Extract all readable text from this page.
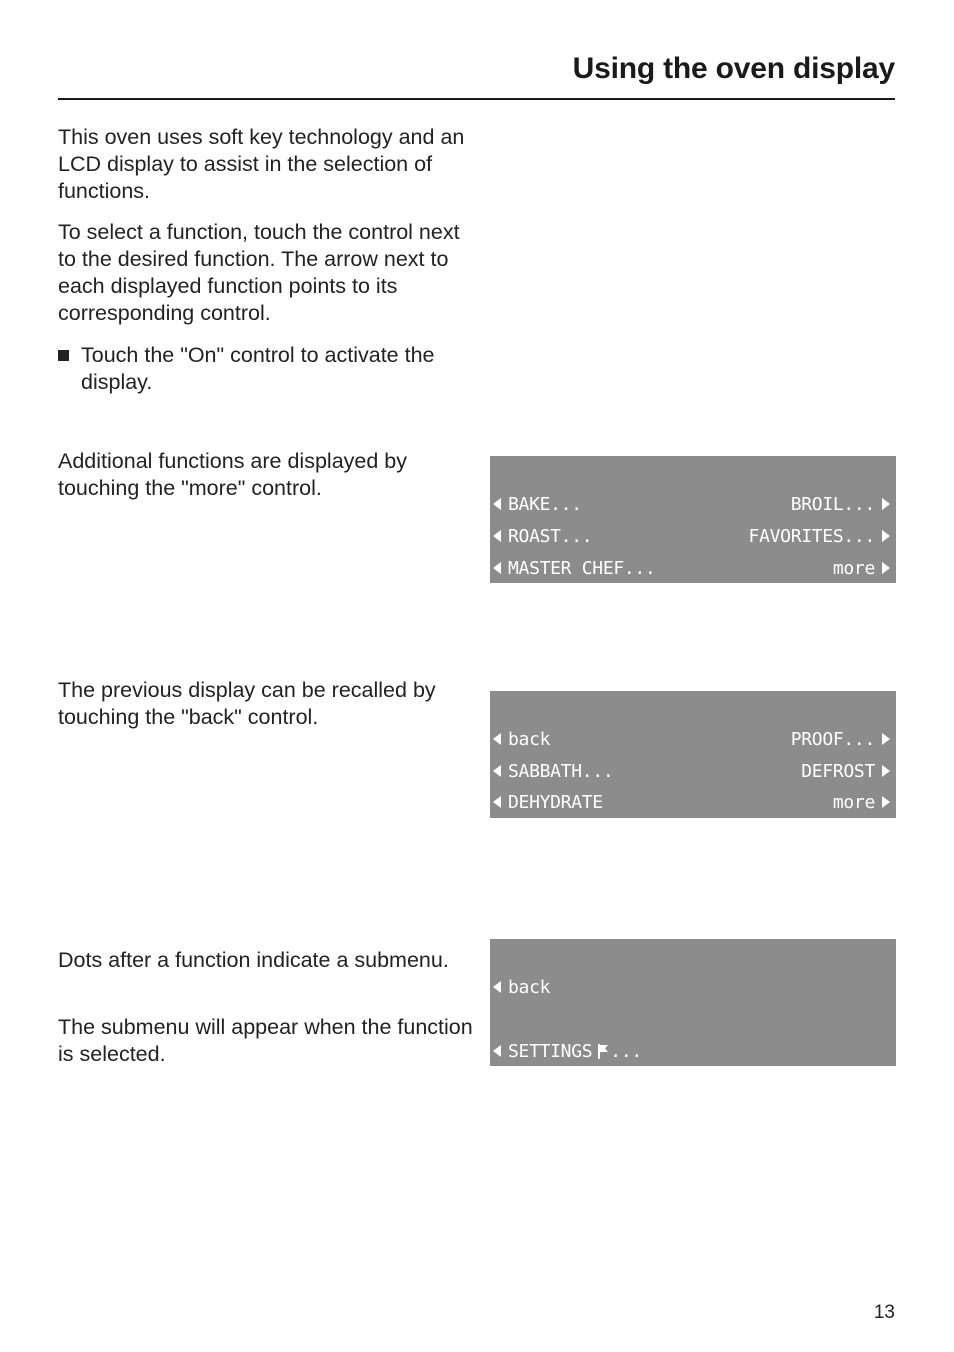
Using the oven display

This oven uses soft key technology and an LCD display to assist in the selection of functions.

To select a function, touch the control next to the desired function. The arrow next to each displayed function points to its corresponding control.

Touch the "On" control to activate the display.

Additional functions are displayed by touching the "more" control.

BAKE...	BROIL...
ROAST...	FAVORITES...
MASTER CHEF...	more

The previous display can be recalled by touching the "back" control.

back	PROOF...
SABBATH...	DEFROST
DEHYDRATE	more

Dots after a function indicate a submenu.

The submenu will appear when the function is selected.

back
SETTINGS ...
13
